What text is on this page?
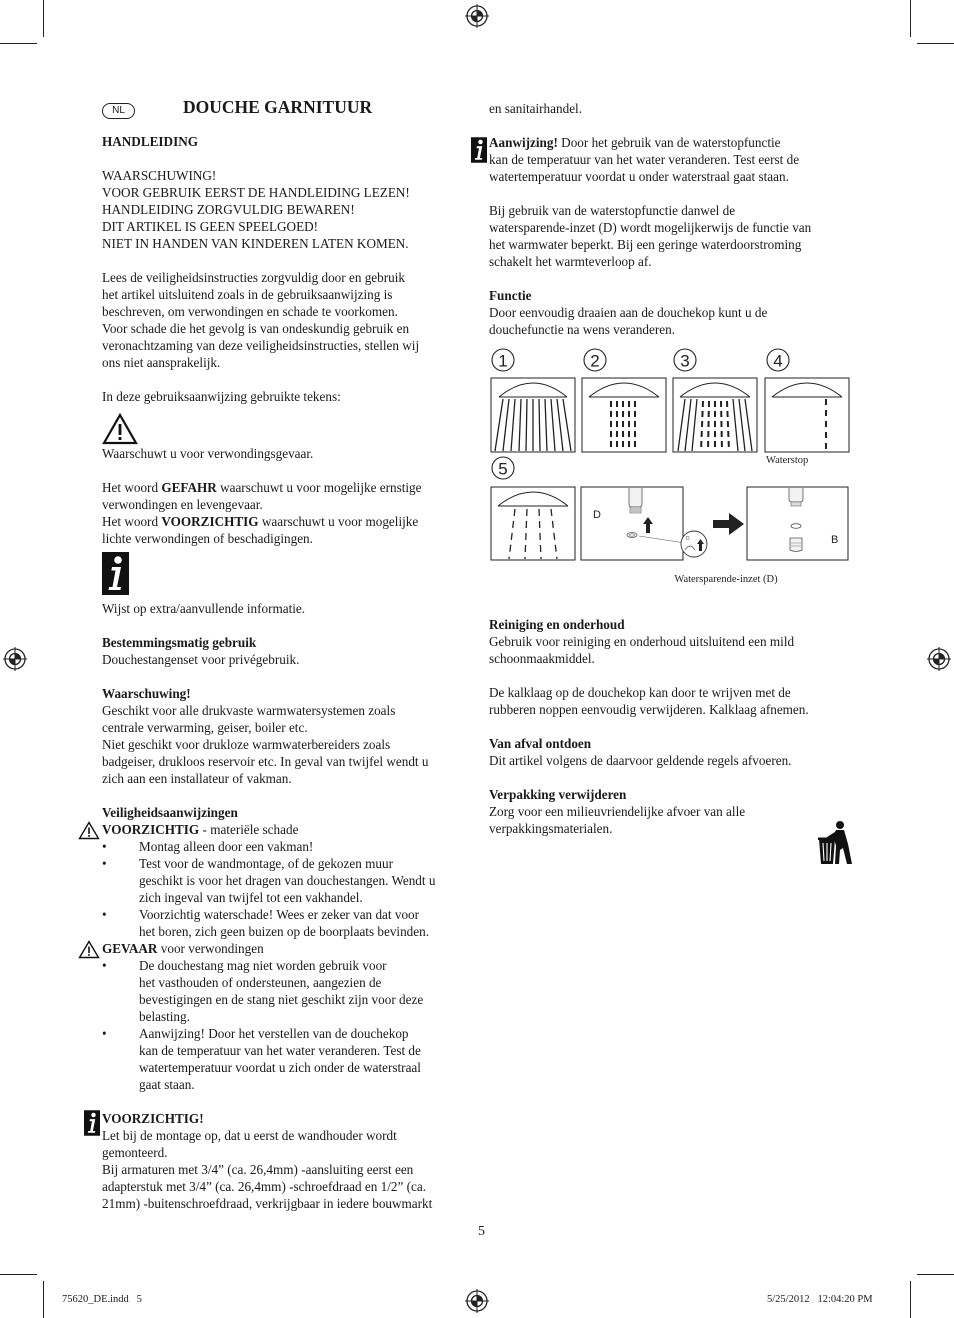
NL	DOUCHE GARNITUUR

HANDLEIDING

WAARSCHUWING!

VOOR GEBRUIK EERST DE HANDLEIDING LEZEN!

HANDLEIDING ZORGVULDIG BEWAREN!

DIT ARTIKEL IS GEEN SPEELGOED!

NIET IN HANDEN VAN KINDEREN LATEN KOMEN.

Lees de veiligheidsinstructies zorgvuldig door en gebruik

het artikel uitsluitend zoals in de gebruiksaanwijzing is

beschreven, om verwondingen en schade te voorkomen.

Voor schade die het gevolg is van ondeskundig gebruik en

veronachtzaming van deze veiligheidsinstructies, stellen wij

ons niet aansprakelijk.

In deze gebruiksaanwijzing gebruikte tekens:

Waarschuwt u voor verwondingsgevaar.

Het woord GEFAHR waarschuwt u voor mogelijke ernstige

verwondingen en levengevaar.

Het woord VOORZICHTIG waarschuwt u voor mogelijke

lichte verwondingen of beschadigingen.

Wijst op extra/aanvullende informatie.

Bestemmingsmatig gebruik

Douchestangenset voor privégebruik.

Waarschuwing!

Geschikt voor alle drukvaste warmwatersystemen zoals

centrale verwarming, geiser, boiler etc.

Niet geschikt voor drukloze warmwaterbereiders zoals

badgeiser, drukloos reservoir etc. In geval van twijfel wendt u

zich aan een installateur of vakman.

Veiligheidsaanwijzingen

VOORZICHTIG - materiële schade

• Montag alleen door een vakman!

• Test voor de wandmontage, of de gekozen muur

geschikt is voor het dragen van douchestangen. Wendt u

zich ingeval van twijfel tot een vakhandel.

• Voorzichtig waterschade! Wees er zeker van dat voor

het boren, zich geen buizen op de boorplaats bevinden.

GEVAAR voor verwondingen

• De douchestang mag niet worden gebruik voor

het vasthouden of ondersteunen, aangezien de

bevestigingen en de stang niet geschikt zijn voor deze

belasting.

• Aanwijzing! Door het verstellen van de douchekop

kan de temperatuur van het water veranderen. Test de

watertemperatuur voordat u zich onder de waterstraal

gaat staan.

VOORZICHTIG!

Let bij de montage op, dat u eerst de wandhouder wordt

gemonteerd.

Bij armaturen met 3/4” (ca. 26,4mm) -aansluiting eerst een

adapterstuk met 3/4” (ca. 26,4mm) -schroefdraad en 1/2” (ca.

21mm) -buitenschroefdraad, verkrijgbaar in iedere bouwmarkt

en sanitairhandel.

Aanwijzing! Door het gebruik van de waterstopfunctie

kan de temperatuur van het water veranderen. Test eerst de

watertemperatuur voordat u onder waterstraal gaat staan.

Bij gebruik van de waterstopfunctie danwel de

watersparende-inzet (D) wordt mogelijkerwijs de functie van

het warmwater beperkt. Bij een geringe waterdoorstroming

schakelt het warmteverloop af.

Functie

Door eenvoudig draaien aan de douchekop kunt u de

douchefunctie na wens veranderen.

1	2	3	4
Waterstop
5
D
D	B
Watersparende-inzet (D)

Reiniging en onderhoud

Gebruik voor reiniging en onderhoud uitsluitend een mild

schoonmaakmiddel.

De kalklaag op de douchekop kan door te wrijven met de

rubberen noppen eenvoudig verwijderen. Kalklaag afnemen.

Van afval ontdoen

Dit artikel volgens de daarvoor geldende regels afvoeren.

Verpakking verwijderen

Zorg voor een milieuvriendelijke afvoer van alle

verpakkingsmaterialen.

5
75620_DE.indd   5	5/25/2012   12:04:20 PM
